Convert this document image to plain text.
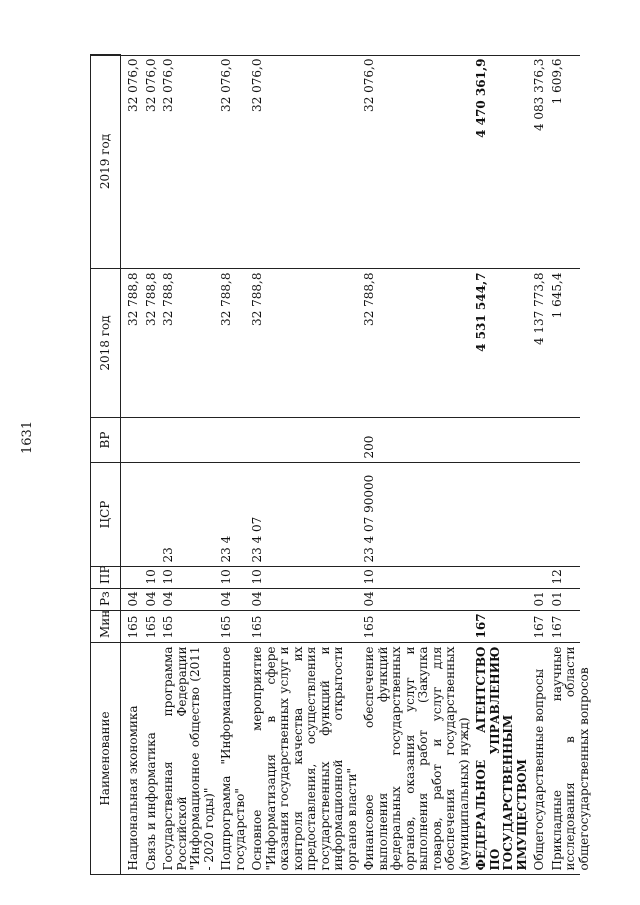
1631
Наименование	Мин	Рз	ПР	ЦСР	ВР	2018 год	2019 год
Национальная экономика	165	04				32 788,8	32 076,0
Связь и информатика	165	04	10			32 788,8	32 076,0
Государственная программа Российской Федерации "Информационное общество (2011 - 2020 годы)"	165	04	10	23		32 788,8	32 076,0
Подпрограмма "Информационное государство"	165	04	10	23 4		32 788,8	32 076,0
Основное мероприятие "Информатизация в сфере оказания государственных услуг и контроля качества их предоставления, осуществления государственных функций и информационной открытости органов власти"	165	04	10	23 4 07		32 788,8	32 076,0
Финансовое обеспечение выполнения функций федеральных государственных органов, оказания услуг и выполнения работ (Закупка товаров, работ и услуг для обеспечения государственных (муниципальных) нужд)	165	04	10	23 4 07 90000	200	32 788,8	32 076,0
ФЕДЕРАЛЬНОЕ АГЕНТСТВО ПО УПРАВЛЕНИЮ ГОСУДАРСТВЕННЫМ ИМУЩЕСТВОМ	167					4 531 544,7	4 470 361,9
Общегосударственные вопросы	167	01				4 137 773,8	4 083 376,3
Прикладные научные исследования в области общегосударственных вопросов	167	01	12			1 645,4	1 609,6
